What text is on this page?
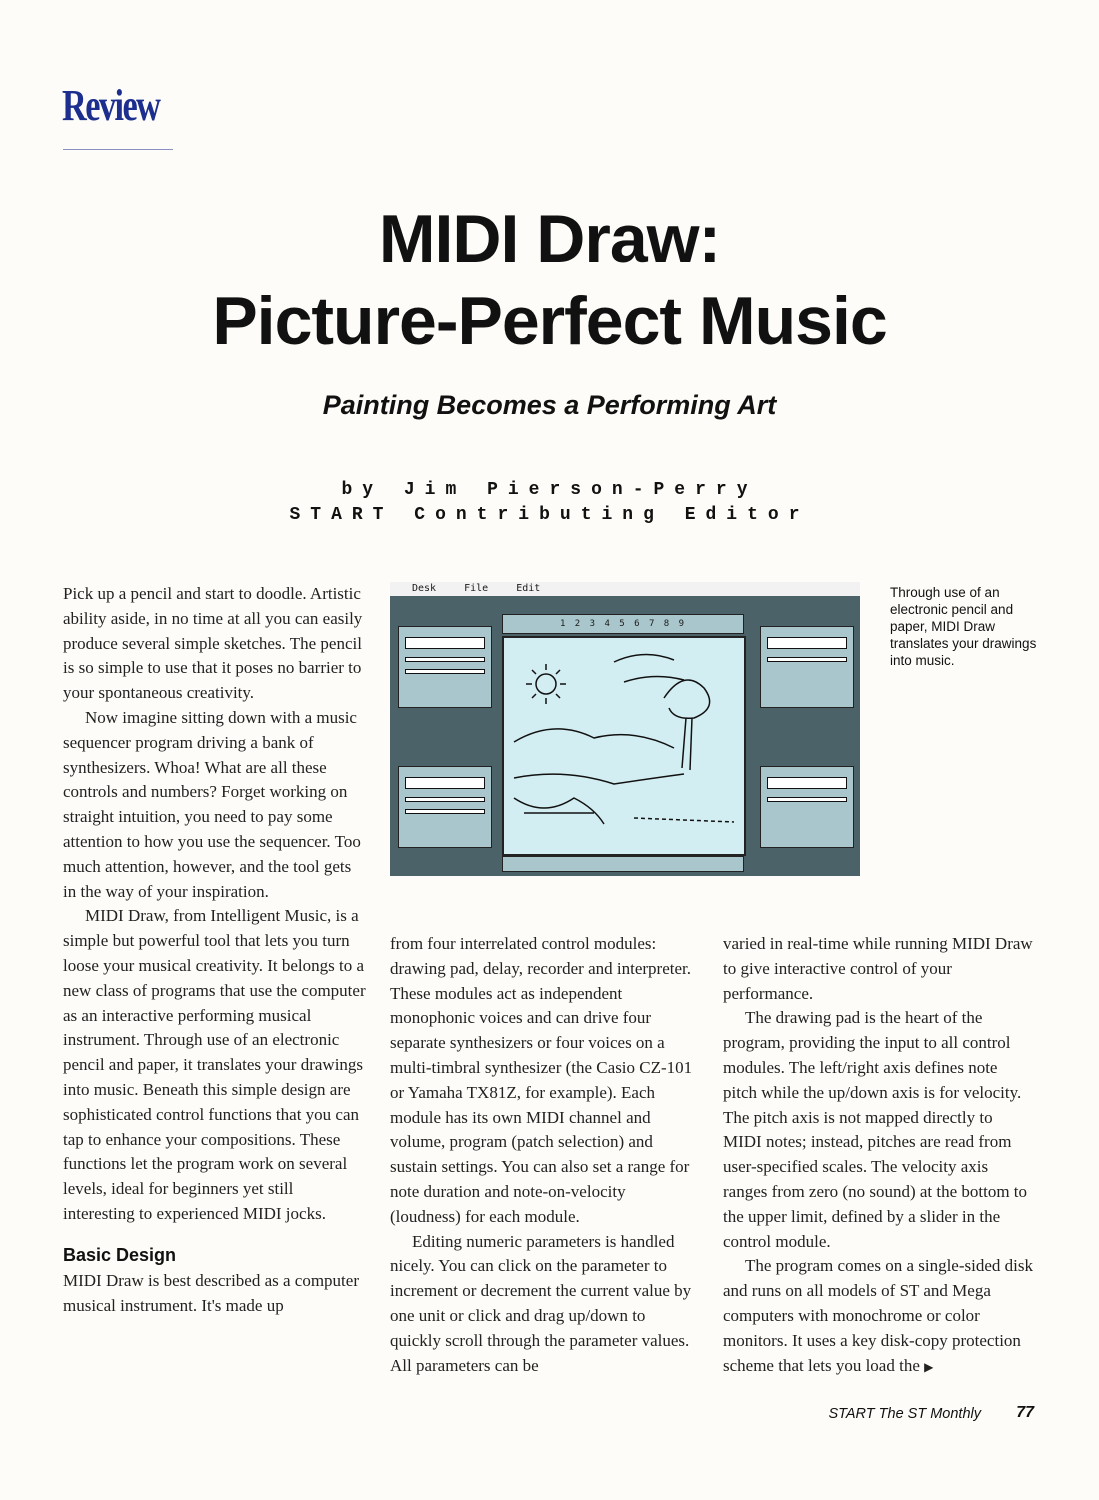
Review
MIDI Draw:
Picture-Perfect Music
Painting Becomes a Performing Art
by Jim Pierson-Perry
START Contributing Editor

Pick up a pencil and start to doodle. Artistic ability aside, in no time at all you can easily produce several simple sketches. The pencil is so simple to use that it poses no barrier to your spontaneous creativity.

Now imagine sitting down with a music sequencer program driving a bank of synthesizers. Whoa! What are all these controls and numbers? Forget working on straight intuition, you need to pay some attention to how you use the sequencer. Too much attention, however, and the tool gets in the way of your inspiration.

MIDI Draw, from Intelligent Music, is a simple but powerful tool that lets you turn loose your musical creativity. It belongs to a new class of programs that use the computer as an interactive performing musical instrument. Through use of an electronic pencil and paper, it translates your drawings into music. Beneath this simple design are sophisticated control functions that you can tap to enhance your compositions. These functions let the program work on several levels, ideal for beginners yet still interesting to experienced MIDI jocks.

Basic Design

MIDI Draw is best described as a computer musical instrument. It's made up

Desk	File	Edit
1 2 3 4 5 6 7 8 9
Through use of an electronic pencil and paper, MIDI Draw translates your drawings into music.

from four interrelated control modules: drawing pad, delay, recorder and interpreter. These modules act as independent monophonic voices and can drive four separate synthesizers or four voices on a multi-timbral synthesizer (the Casio CZ-101 or Yamaha TX81Z, for example). Each module has its own MIDI channel and volume, program (patch selection) and sustain settings. You can also set a range for note duration and note-on-velocity (loudness) for each module.

Editing numeric parameters is handled nicely. You can click on the parameter to increment or decrement the current value by one unit or click and drag up/down to quickly scroll through the parameter values. All parameters can be

varied in real-time while running MIDI Draw to give interactive control of your performance.

The drawing pad is the heart of the program, providing the input to all control modules. The left/right axis defines note pitch while the up/down axis is for velocity. The pitch axis is not mapped directly to MIDI notes; instead, pitches are read from user-specified scales. The velocity axis ranges from zero (no sound) at the bottom to the upper limit, defined by a slider in the control module.

The program comes on a single-sided disk and runs on all models of ST and Mega computers with monochrome or color monitors. It uses a key disk-copy protection scheme that lets you load the ▶

START The ST Monthly 77
